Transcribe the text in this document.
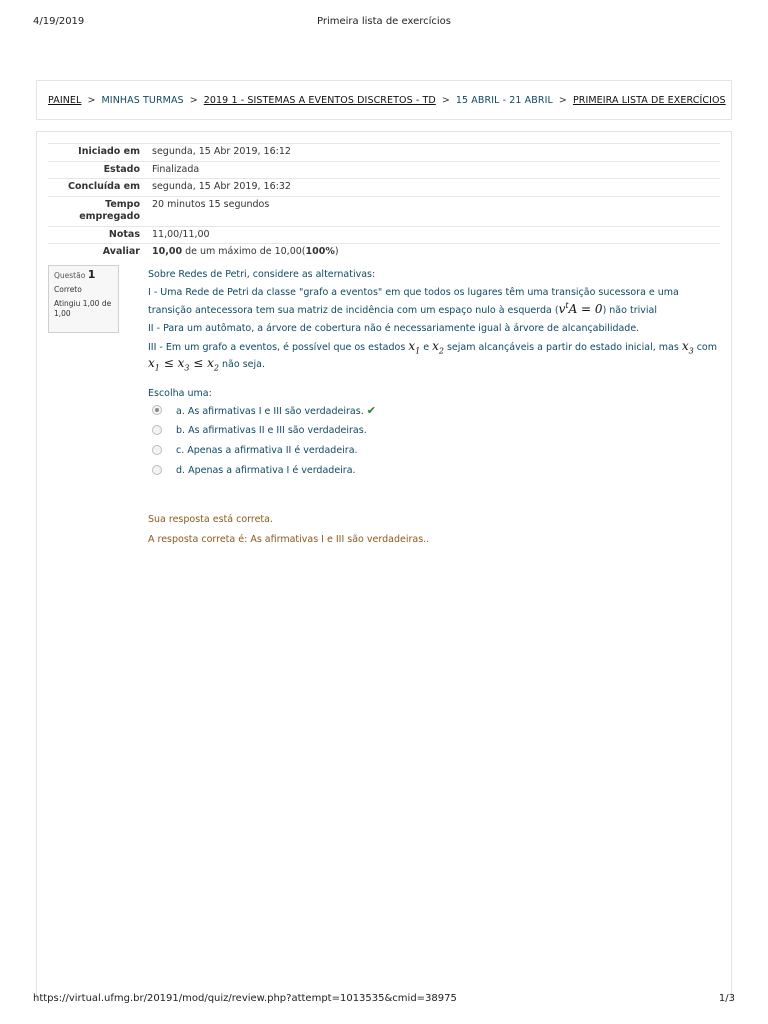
4/19/2019	Primeira lista de exercícios
PAINEL > MINHAS TURMAS > 2019 1 - SISTEMAS A EVENTOS DISCRETOS - TD > 15 ABRIL - 21 ABRIL > PRIMEIRA LISTA DE EXERCÍCIOS
Iniciado em	segunda, 15 Abr 2019, 16:12
Estado	Finalizada
Concluída em	segunda, 15 Abr 2019, 16:32
Tempo empregado	20 minutos 15 segundos
Notas	11,00/11,00
Avaliar	10,00 de um máximo de 10,00(100%)
Questão 1
Correto
Atingiu 1,00 de 1,00

Sobre Redes de Petri, considere as alternativas:

I - Uma Rede de Petri da classe "grafo a eventos" em que todos os lugares têm uma transição sucessora e uma transição antecessora tem sua matriz de incidência com um espaço nulo à esquerda $(v^tA = 0)$ não trivial

II - Para um autômato, a árvore de cobertura não é necessariamente igual à árvore de alcançabilidade.

III - Em um grafo a eventos, é possível que os estados $x_1$ e $x_2$ sejam alcançáveis a partir do estado inicial, mas $x_3$ com
$x_1 \le x_3 \le x_2$ não seja.

Escolha uma:
a. As afirmativas I e III são verdadeiras. ✔
b. As afirmativas II e III são verdadeiras.
c. Apenas a afirmativa II é verdadeira.
d. Apenas a afirmativa I é verdadeira.
Sua resposta está correta.
A resposta correta é: As afirmativas I e III são verdadeiras..
https://virtual.ufmg.br/20191/mod/quiz/review.php?attempt=1013535&cmid=38975	1/3
